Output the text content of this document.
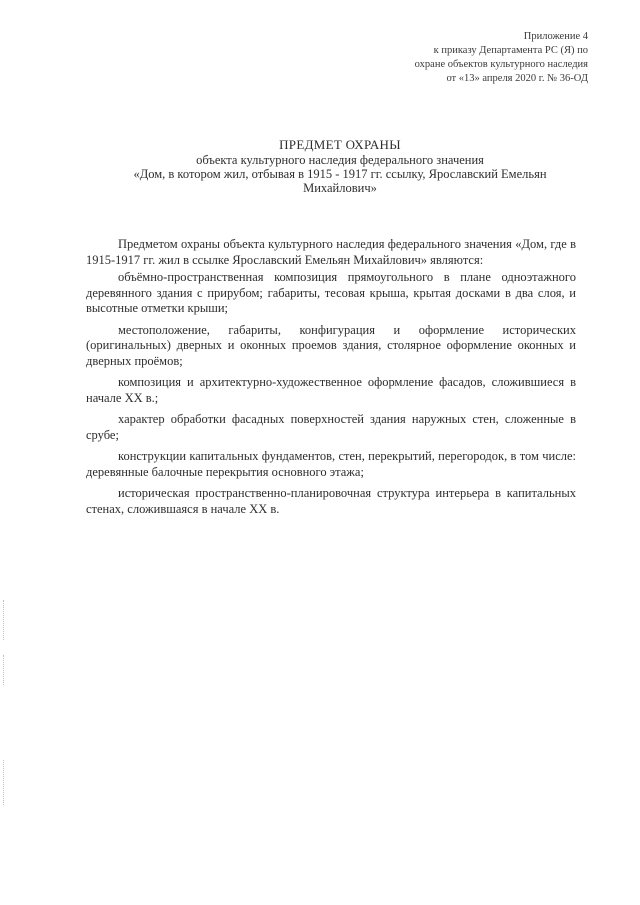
Приложение 4
к приказу Департамента РС (Я) по
охране объектов культурного наследия
от «13» апреля 2020 г. № 36-ОД
ПРЕДМЕТ ОХРАНЫ
объекта культурного наследия федерального значения
«Дом, в котором жил, отбывая в 1915 - 1917 гг. ссылку, Ярославский Емельян
Михайлович»

Предметом охраны объекта культурного наследия федерального значения «Дом, где в 1915-1917 гг. жил в ссылке Ярославский Емельян Михайлович» являются:

объёмно-пространственная композиция прямоугольного в плане одноэтажного деревянного здания с прирубом; габариты, тесовая крыша, крытая досками в два слоя, и высотные отметки крыши;

местоположение, габариты, конфигурация и оформление исторических (оригинальных) дверных и оконных проемов здания, столярное оформление оконных и дверных проёмов;

композиция и архитектурно-художественное оформление фасадов, сложившиеся в начале XX в.;

характер обработки фасадных поверхностей здания наружных стен, сложенные в срубе;

конструкции капитальных фундаментов, стен, перекрытий, перегородок, в том числе: деревянные балочные перекрытия основного этажа;

историческая пространственно-планировочная структура интерьера в капитальных стенах, сложившаяся в начале XX в.
